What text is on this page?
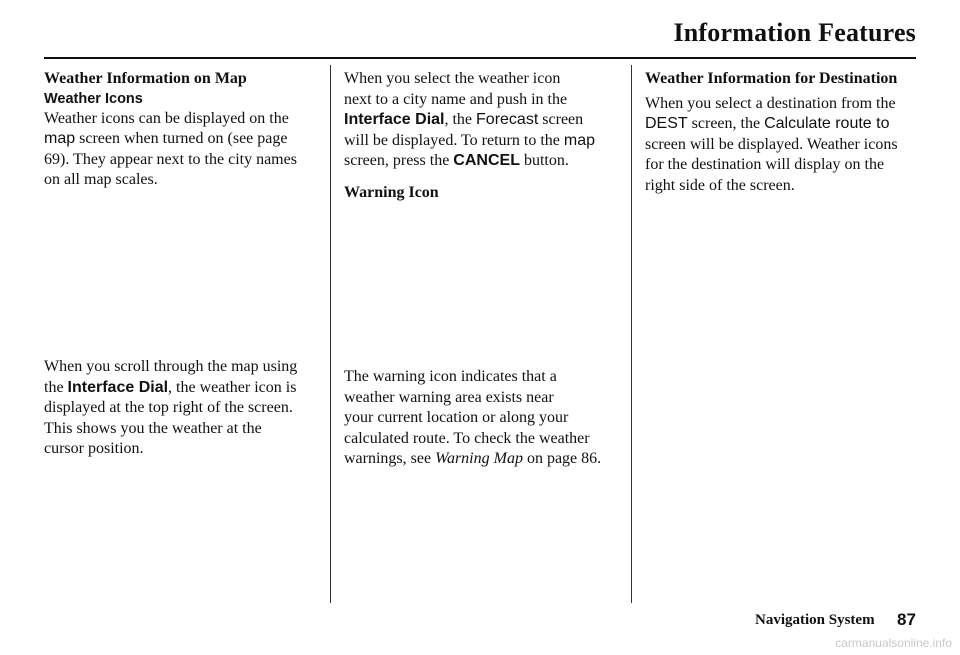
Information Features

Weather Information on Map

Weather Icons

Weather icons can be displayed on the
map screen when turned on (see page
69). They appear next to the city names
on all map scales.

When you scroll through the map using
the Interface Dial, the weather icon is
displayed at the top right of the screen.
This shows you the weather at the
cursor position.

When you select the weather icon
next to a city name and push in the
Interface Dial, the Forecast screen
will be displayed. To return to the map
screen, press the CANCEL button.

Warning Icon

The warning icon indicates that a
weather warning area exists near
your current location or along your
calculated route. To check the weather
warnings, see Warning Map on page 86.

Weather Information for Destination

When you select a destination from the
DEST screen, the Calculate route to
screen will be displayed. Weather icons
for the destination will display on the
right side of the screen.

Navigation System 87
carmanualsonline.info
